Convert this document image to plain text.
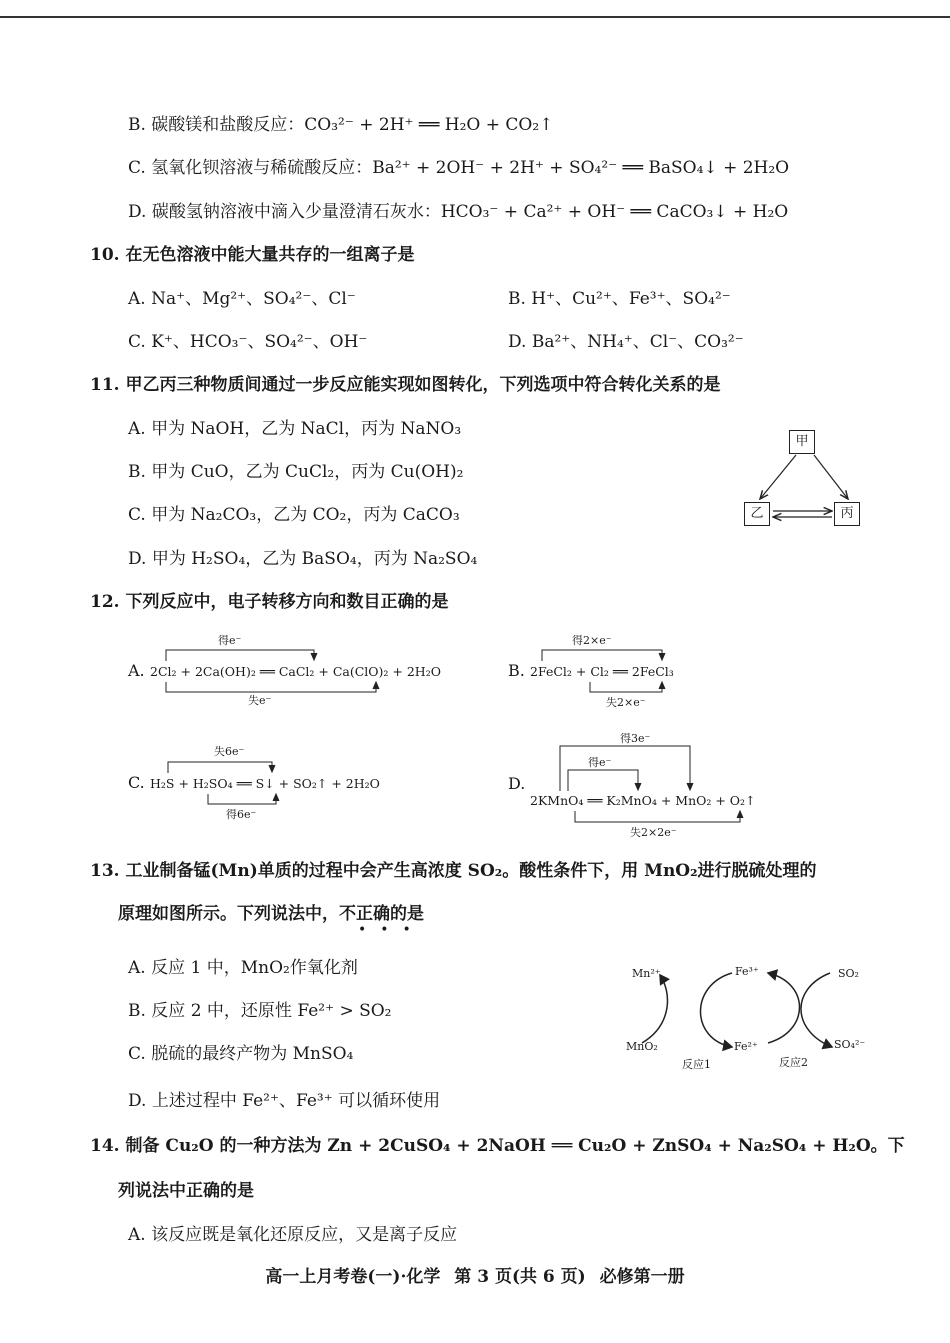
B. 碳酸镁和盐酸反应：CO₃²⁻ + 2H⁺ ══ H₂O + CO₂↑
C. 氢氧化钡溶液与稀硫酸反应：Ba²⁺ + 2OH⁻ + 2H⁺ + SO₄²⁻ ══ BaSO₄↓ + 2H₂O
D. 碳酸氢钠溶液中滴入少量澄清石灰水：HCO₃⁻ + Ca²⁺ + OH⁻ ══ CaCO₃↓ + H₂O
10. 在无色溶液中能大量共存的一组离子是
A. Na⁺、Mg²⁺、SO₄²⁻、Cl⁻	B. H⁺、Cu²⁺、Fe³⁺、SO₄²⁻
C. K⁺、HCO₃⁻、SO₄²⁻、OH⁻	D. Ba²⁺、NH₄⁺、Cl⁻、CO₃²⁻
11. 甲乙丙三种物质间通过一步反应能实现如图转化，下列选项中符合转化关系的是
A. 甲为 NaOH，乙为 NaCl，丙为 NaNO₃
B. 甲为 CuO，乙为 CuCl₂，丙为 Cu(OH)₂
C. 甲为 Na₂CO₃，乙为 CO₂，丙为 CaCO₃
D. 甲为 H₂SO₄，乙为 BaSO₄，丙为 Na₂SO₄
甲
乙	丙
12. 下列反应中，电子转移方向和数目正确的是
A.
得e⁻
2Cl₂ + 2Ca(OH)₂ ══ CaCl₂ + Ca(ClO)₂ + 2H₂O
失e⁻
B.
得2×e⁻
2FeCl₂ + Cl₂ ══ 2FeCl₃
失2×e⁻
C.
失6e⁻
H₂S + H₂SO₄ ══ S↓ + SO₂↑ + 2H₂O
得6e⁻
D.
得3e⁻
得e⁻
2KMnO₄ ══ K₂MnO₄ + MnO₂ + O₂↑
失2×2e⁻
13. 工业制备锰(Mn)单质的过程中会产生高浓度 SO₂。酸性条件下，用 MnO₂进行脱硫处理的
原理如图所示。下列说法中，不正确的是
•••
A. 反应 1 中，MnO₂作氧化剂
B. 反应 2 中，还原性 Fe²⁺ > SO₂
C. 脱硫的最终产物为 MnSO₄
D. 上述过程中 Fe²⁺、Fe³⁺ 可以循环使用
Mn²⁺	Fe³⁺	SO₂
MnO₂	Fe²⁺	SO₄²⁻
反应1	反应2
14. 制备 Cu₂O 的一种方法为 Zn + 2CuSO₄ + 2NaOH ══ Cu₂O + ZnSO₄ + Na₂SO₄ + H₂O。下
列说法中正确的是
A. 该反应既是氧化还原反应，又是离子反应
高一上月考卷(一)·化学 第 3 页(共 6 页) 必修第一册
